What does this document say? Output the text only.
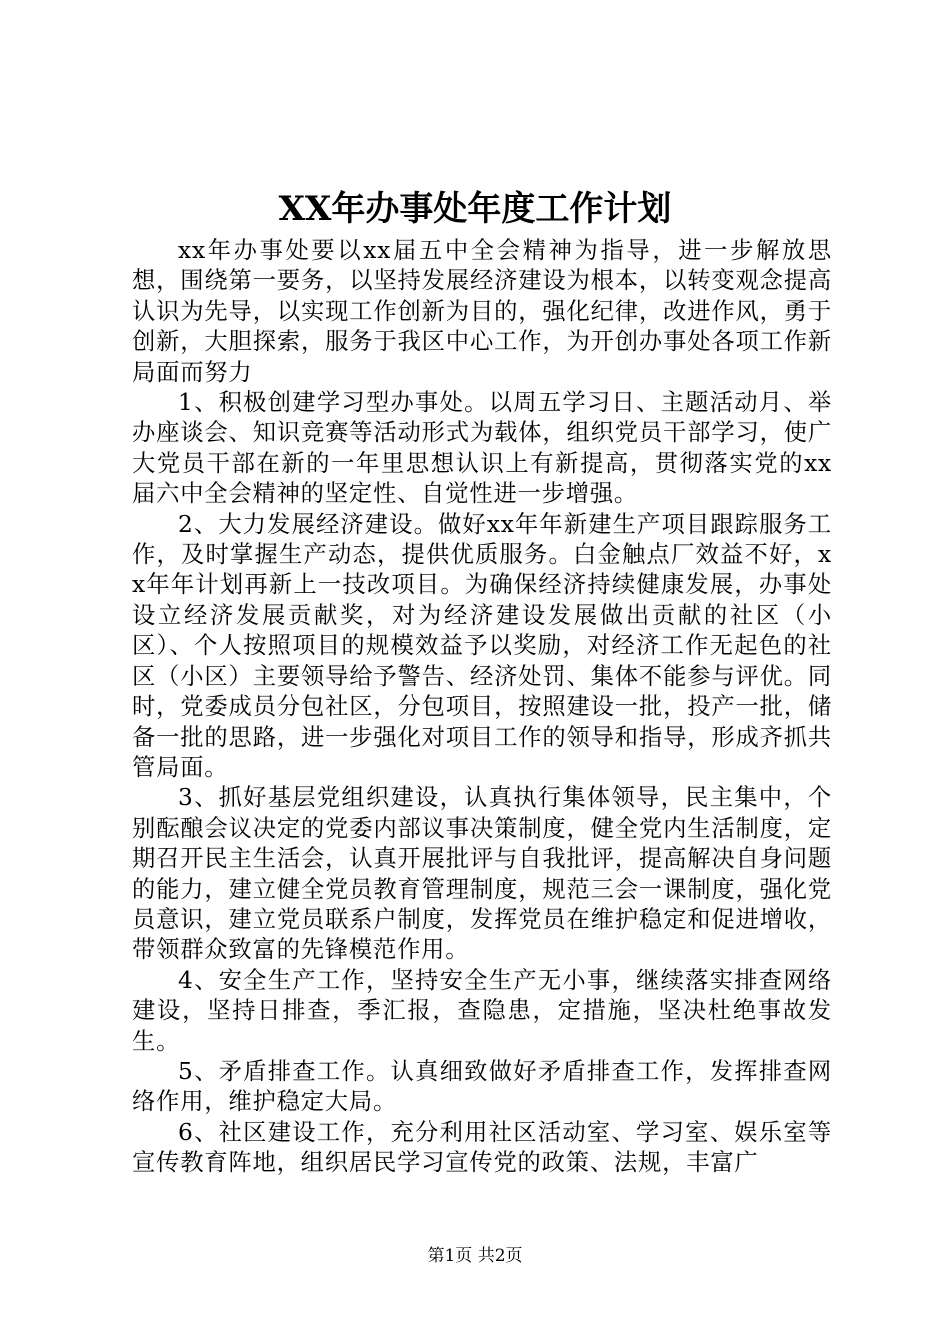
XX年办事处年度工作计划

xx年办事处要以xx届五中全会精神为指导，进一步解放思想，围绕第一要务，以坚持发展经济建设为根本，以转变观念提高认识为先导，以实现工作创新为目的，强化纪律，改进作风，勇于创新，大胆探索，服务于我区中心工作，为开创办事处各项工作新局面而努力

1、积极创建学习型办事处。以周五学习日、主题活动月、举办座谈会、知识竞赛等活动形式为载体，组织党员干部学习，使广大党员干部在新的一年里思想认识上有新提高，贯彻落实党的xx届六中全会精神的坚定性、自觉性进一步增强。

2、大力发展经济建设。做好xx年年新建生产项目跟踪服务工作，及时掌握生产动态，提供优质服务。白金触点厂效益不好，xx年年计划再新上一技改项目。为确保经济持续健康发展，办事处设立经济发展贡献奖，对为经济建设发展做出贡献的社区（小区）、个人按照项目的规模效益予以奖励，对经济工作无起色的社区（小区）主要领导给予警告、经济处罚、集体不能参与评优。同时，党委成员分包社区，分包项目，按照建设一批，投产一批，储备一批的思路，进一步强化对项目工作的领导和指导，形成齐抓共管局面。

3、抓好基层党组织建设，认真执行集体领导，民主集中，个别酝酿会议决定的党委内部议事决策制度，健全党内生活制度，定期召开民主生活会，认真开展批评与自我批评，提高解决自身问题的能力，建立健全党员教育管理制度，规范三会一课制度，强化党员意识，建立党员联系户制度，发挥党员在维护稳定和促进增收，带领群众致富的先锋模范作用。

4、安全生产工作，坚持安全生产无小事，继续落实排查网络建设，坚持日排查，季汇报，查隐患，定措施，坚决杜绝事故发生。

5、矛盾排查工作。认真细致做好矛盾排查工作，发挥排查网络作用，维护稳定大局。

6、社区建设工作，充分利用社区活动室、学习室、娱乐室等宣传教育阵地，组织居民学习宣传党的政策、法规，丰富广

第1页 共2页
